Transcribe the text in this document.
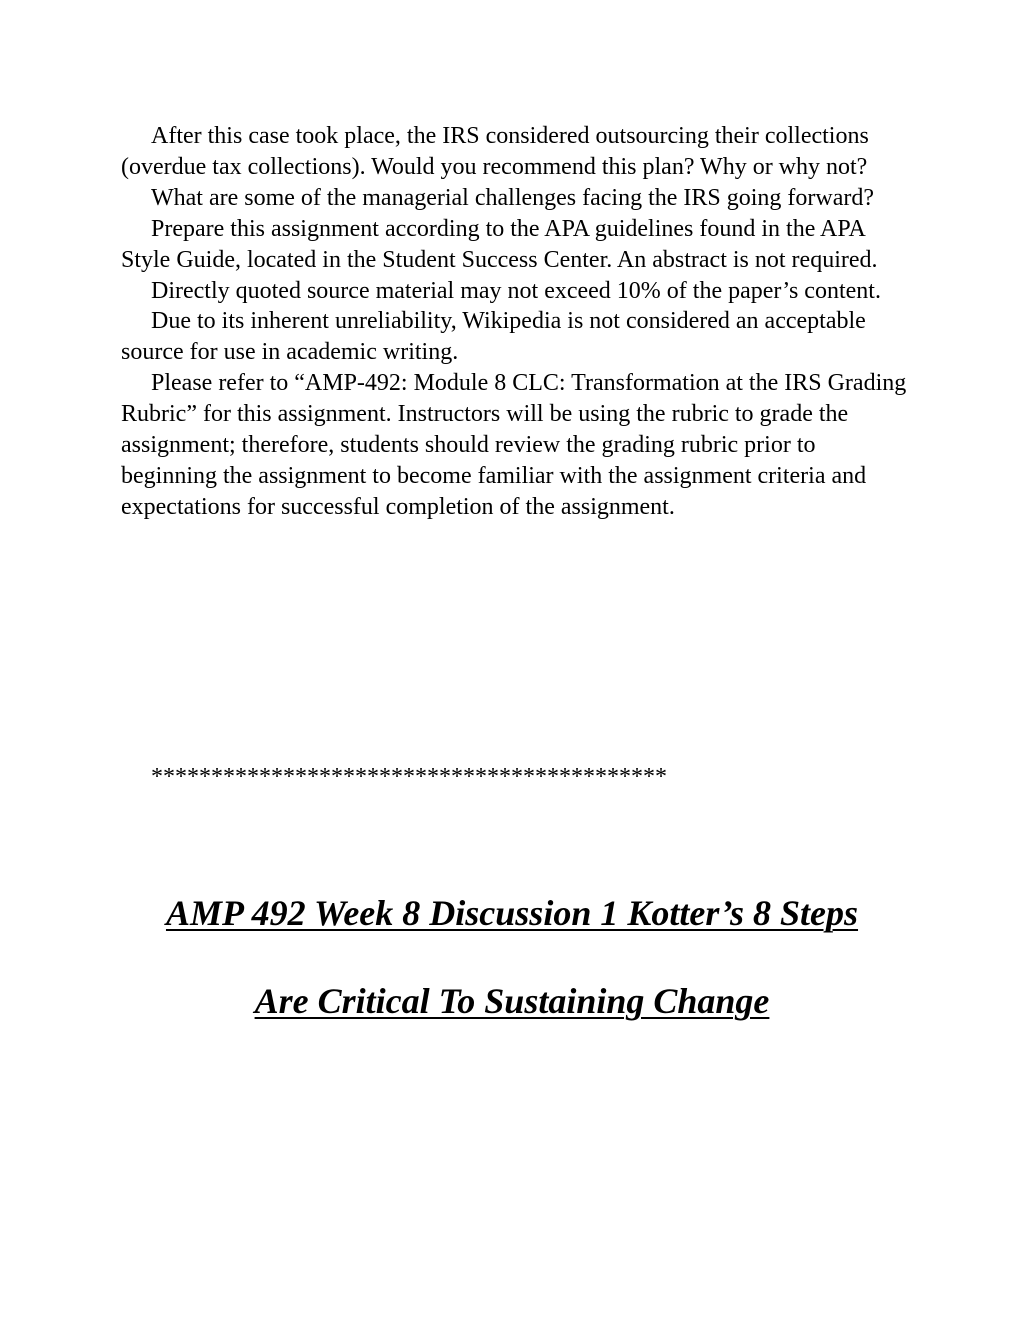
After this case took place, the IRS considered outsourcing their collections (overdue tax collections). Would you recommend this plan? Why or why not?

What are some of the managerial challenges facing the IRS going forward?

Prepare this assignment according to the APA guidelines found in the APA Style Guide, located in the Student Success Center. An abstract is not required.

Directly quoted source material may not exceed 10% of the paper’s content.

Due to its inherent unreliability, Wikipedia is not considered an acceptable source for use in academic writing.

Please refer to “AMP-492: Module 8 CLC: Transformation at the IRS Grading Rubric” for this assignment. Instructors will be using the rubric to grade the assignment; therefore, students should review the grading rubric prior to beginning the assignment to become familiar with the assignment criteria and expectations for successful completion of the assignment.

*******************************************
AMP 492 Week 8 Discussion 1 Kotter’s 8 Steps
Are Critical To Sustaining Change
